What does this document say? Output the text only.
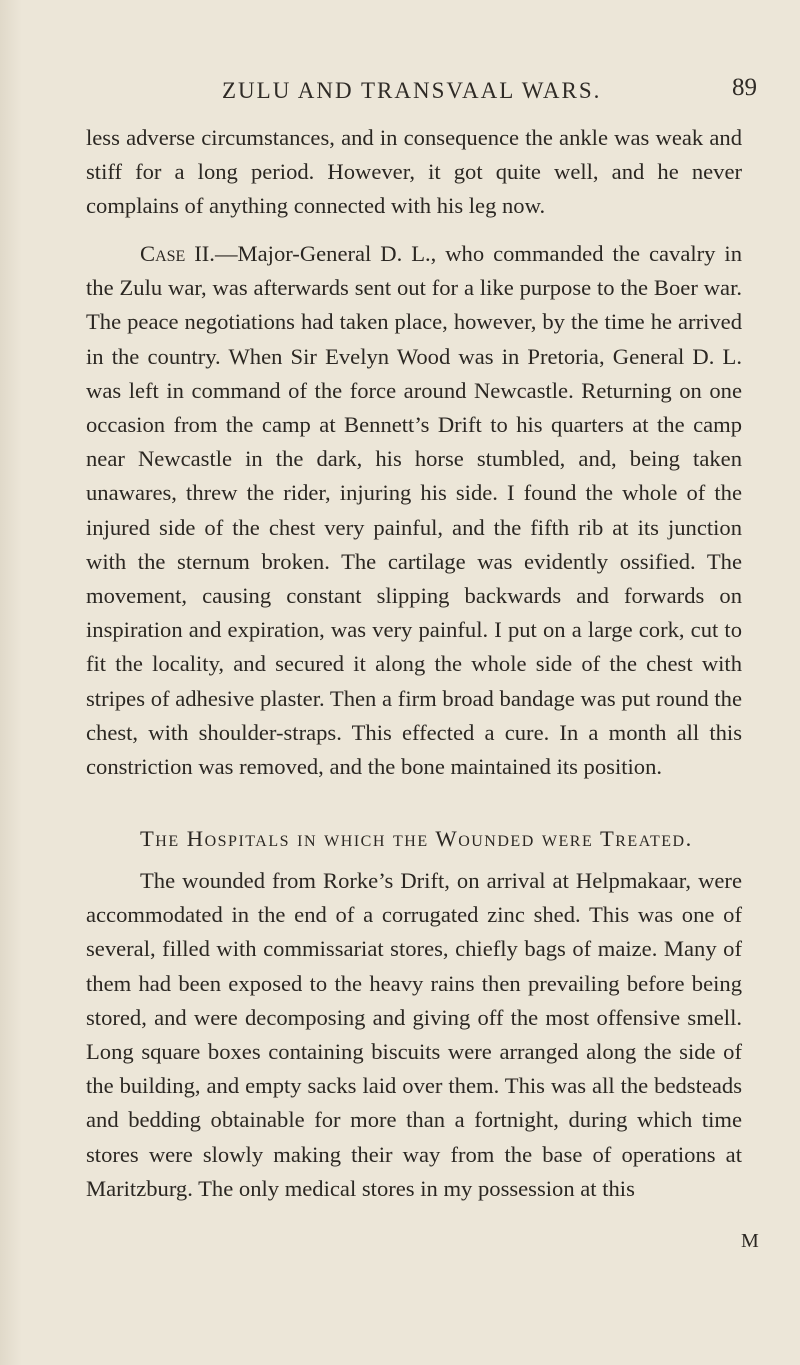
ZULU AND TRANSVAAL WARS.	89

less adverse circumstances, and in consequence the ankle was weak and stiff for a long period. However, it got quite well, and he never complains of anything connected with his leg now.

Case II.—Major-General D. L., who commanded the cavalry in the Zulu war, was afterwards sent out for a like purpose to the Boer war. The peace negotiations had taken place, however, by the time he arrived in the country. When Sir Evelyn Wood was in Pretoria, General D. L. was left in command of the force around Newcastle. Returning on one occasion from the camp at Bennett’s Drift to his quarters at the camp near Newcastle in the dark, his horse stumbled, and, being taken unawares, threw the rider, injuring his side. I found the whole of the injured side of the chest very painful, and the fifth rib at its junction with the sternum broken. The cartilage was evidently ossified. The movement, causing constant slipping backwards and forwards on inspiration and expiration, was very painful. I put on a large cork, cut to fit the locality, and secured it along the whole side of the chest with stripes of adhesive plaster. Then a firm broad bandage was put round the chest, with shoulder-straps. This effected a cure. In a month all this constriction was removed, and the bone maintained its position.

The Hospitals in which the Wounded were Treated.

The wounded from Rorke’s Drift, on arrival at Helpmakaar, were accommodated in the end of a corrugated zinc shed. This was one of several, filled with commissariat stores, chiefly bags of maize. Many of them had been exposed to the heavy rains then prevailing before being stored, and were decomposing and giving off the most offensive smell. Long square boxes containing biscuits were arranged along the side of the building, and empty sacks laid over them. This was all the bedsteads and bedding obtainable for more than a fortnight, during which time stores were slowly making their way from the base of operations at Maritzburg. The only medical stores in my possession at this

M
